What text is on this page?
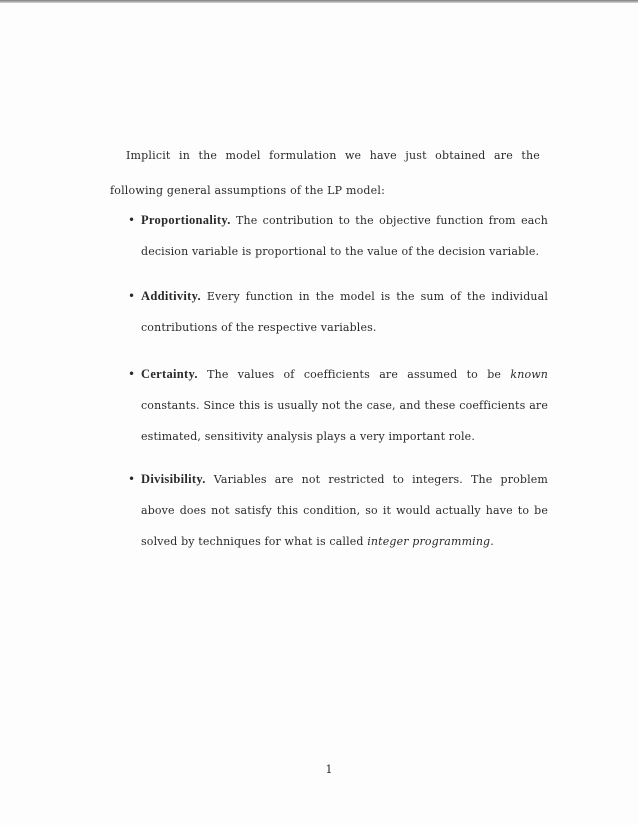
Implicit in the model formulation we have just obtained are the following general assumptions of the LP model:

• Proportionality. The contribution to the objective function from each decision variable is proportional to the value of the decision variable.
• Additivity. Every function in the model is the sum of the individual contributions of the respective variables.
• Certainty. The values of coefficients are assumed to be known constants. Since this is usually not the case, and these coefficients are estimated, sensitivity analysis plays a very important role.
• Divisibility. Variables are not restricted to integers. The problem above does not satisfy this condition, so it would actually have to be solved by techniques for what is called integer programming.
1
